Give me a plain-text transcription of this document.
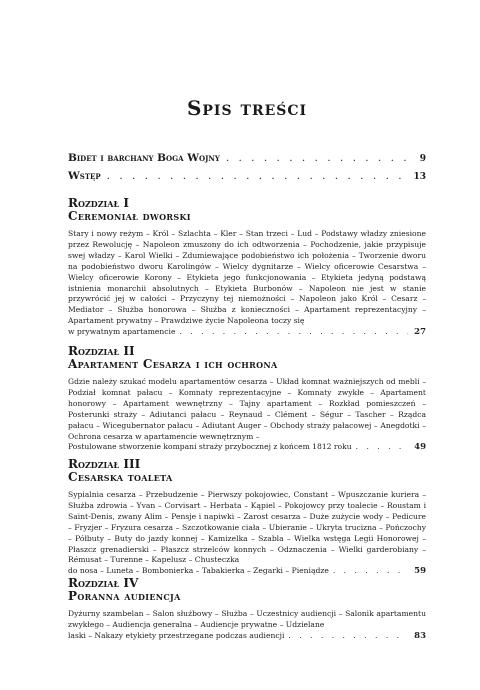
Spis treści
Bidet i barchany Boga Wojny . . .	9
Wstęp . . .	13
Rozdział I
Ceremoniał dworski
Stary i nowy reżym – Król – Szlachta – Kler – Stan trzeci – Lud – Podstawy władzy zniesione przez Rewolucję – Napoleon zmuszony do ich odtworzenia – Pochodzenie, jakie przypisuje swej władzy – Karol Wielki – Zdumiewające podobieństwo ich położenia – Tworzenie dworu na podobieństwo dworu Karolingów – Wielcy dygnitarze – Wielcy oficerowie Cesarstwa – Wielcy oficerowie Korony – Etykieta jego funkcjonowania – Etykieta jedyną podstawą istnienia monarchii absolutnych – Etykieta Burbonów – Napoleon nie jest w stanie przywrócić jej w całości – Przyczyny tej niemożności – Napoleon jako Król – Cesarz – Mediator – Służba honorowa – Służba z konieczności – Apartament reprezentacyjny – Apartament prywatny – Prawdziwe życie Napoleona toczy się
w prywatnym apartamencie . . .	27
Rozdział II
Apartament Cesarza i ich ochrona
Gdzie należy szukać modelu apartamentów cesarza – Układ komnat ważniejszych od mebli – Podział komnat pałacu – Komnaty reprezentacyjne – Komnaty zwykłe – Apartament honorowy – Apartament wewnętrzny – Tajny apartament – Rozkład pomieszczeń – Posterunki straży – Adiutanci pałacu – Reynaud – Clément – Ségur – Tascher – Rządca pałacu – Wicegubernator pałacu – Adiutant Auger – Obchody straży pałacowej – Anegdotki – Ochrona cesarza w apartamencie wewnętrznym –
Postulowane stworzenie kompani straży przybocznej z końcem 1812 roku . . .	49
Rozdział III
Cesarska toaleta
Sypialnia cesarza – Przebudzenie – Pierwszy pokojowiec, Constant – Wpuszczanie kuriera – Służba zdrowia – Yvan – Corvisart – Herbata – Kąpiel – Pokojowcy przy toalecie – Roustam i Saint-Denis, zwany Alim – Pensje i napiwki – Zarost cesarza – Duże zużycie wody – Pedicure – Fryzjer – Fryzura cesarza – Szczotkowanie ciała – Ubieranie – Ukryta trucizna – Pończochy – Półbuty – Buty do jazdy konnej – Kamizelka – Szabla – Wielka wstęga Legii Honorowej – Płaszcz grenadierski – Płaszcz strzelców konnych – Odznaczenia – Wielki garderobiany – Rémusat – Turenne – Kapelusz – Chusteczka
do nosa – Luneta – Bombonierka – Tabakierka – Zegarki – Pieniądze . . .	59
Rozdział IV
Poranna audiencja
Dyżurny szambelan – Salon służbowy – Służba – Uczestnicy audiencji – Salonik apartamentu zwykłego – Audiencja generalna – Audiencje prywatne – Udzielane
laski – Nakazy etykiety przestrzegane podczas audiencji . . .	83
